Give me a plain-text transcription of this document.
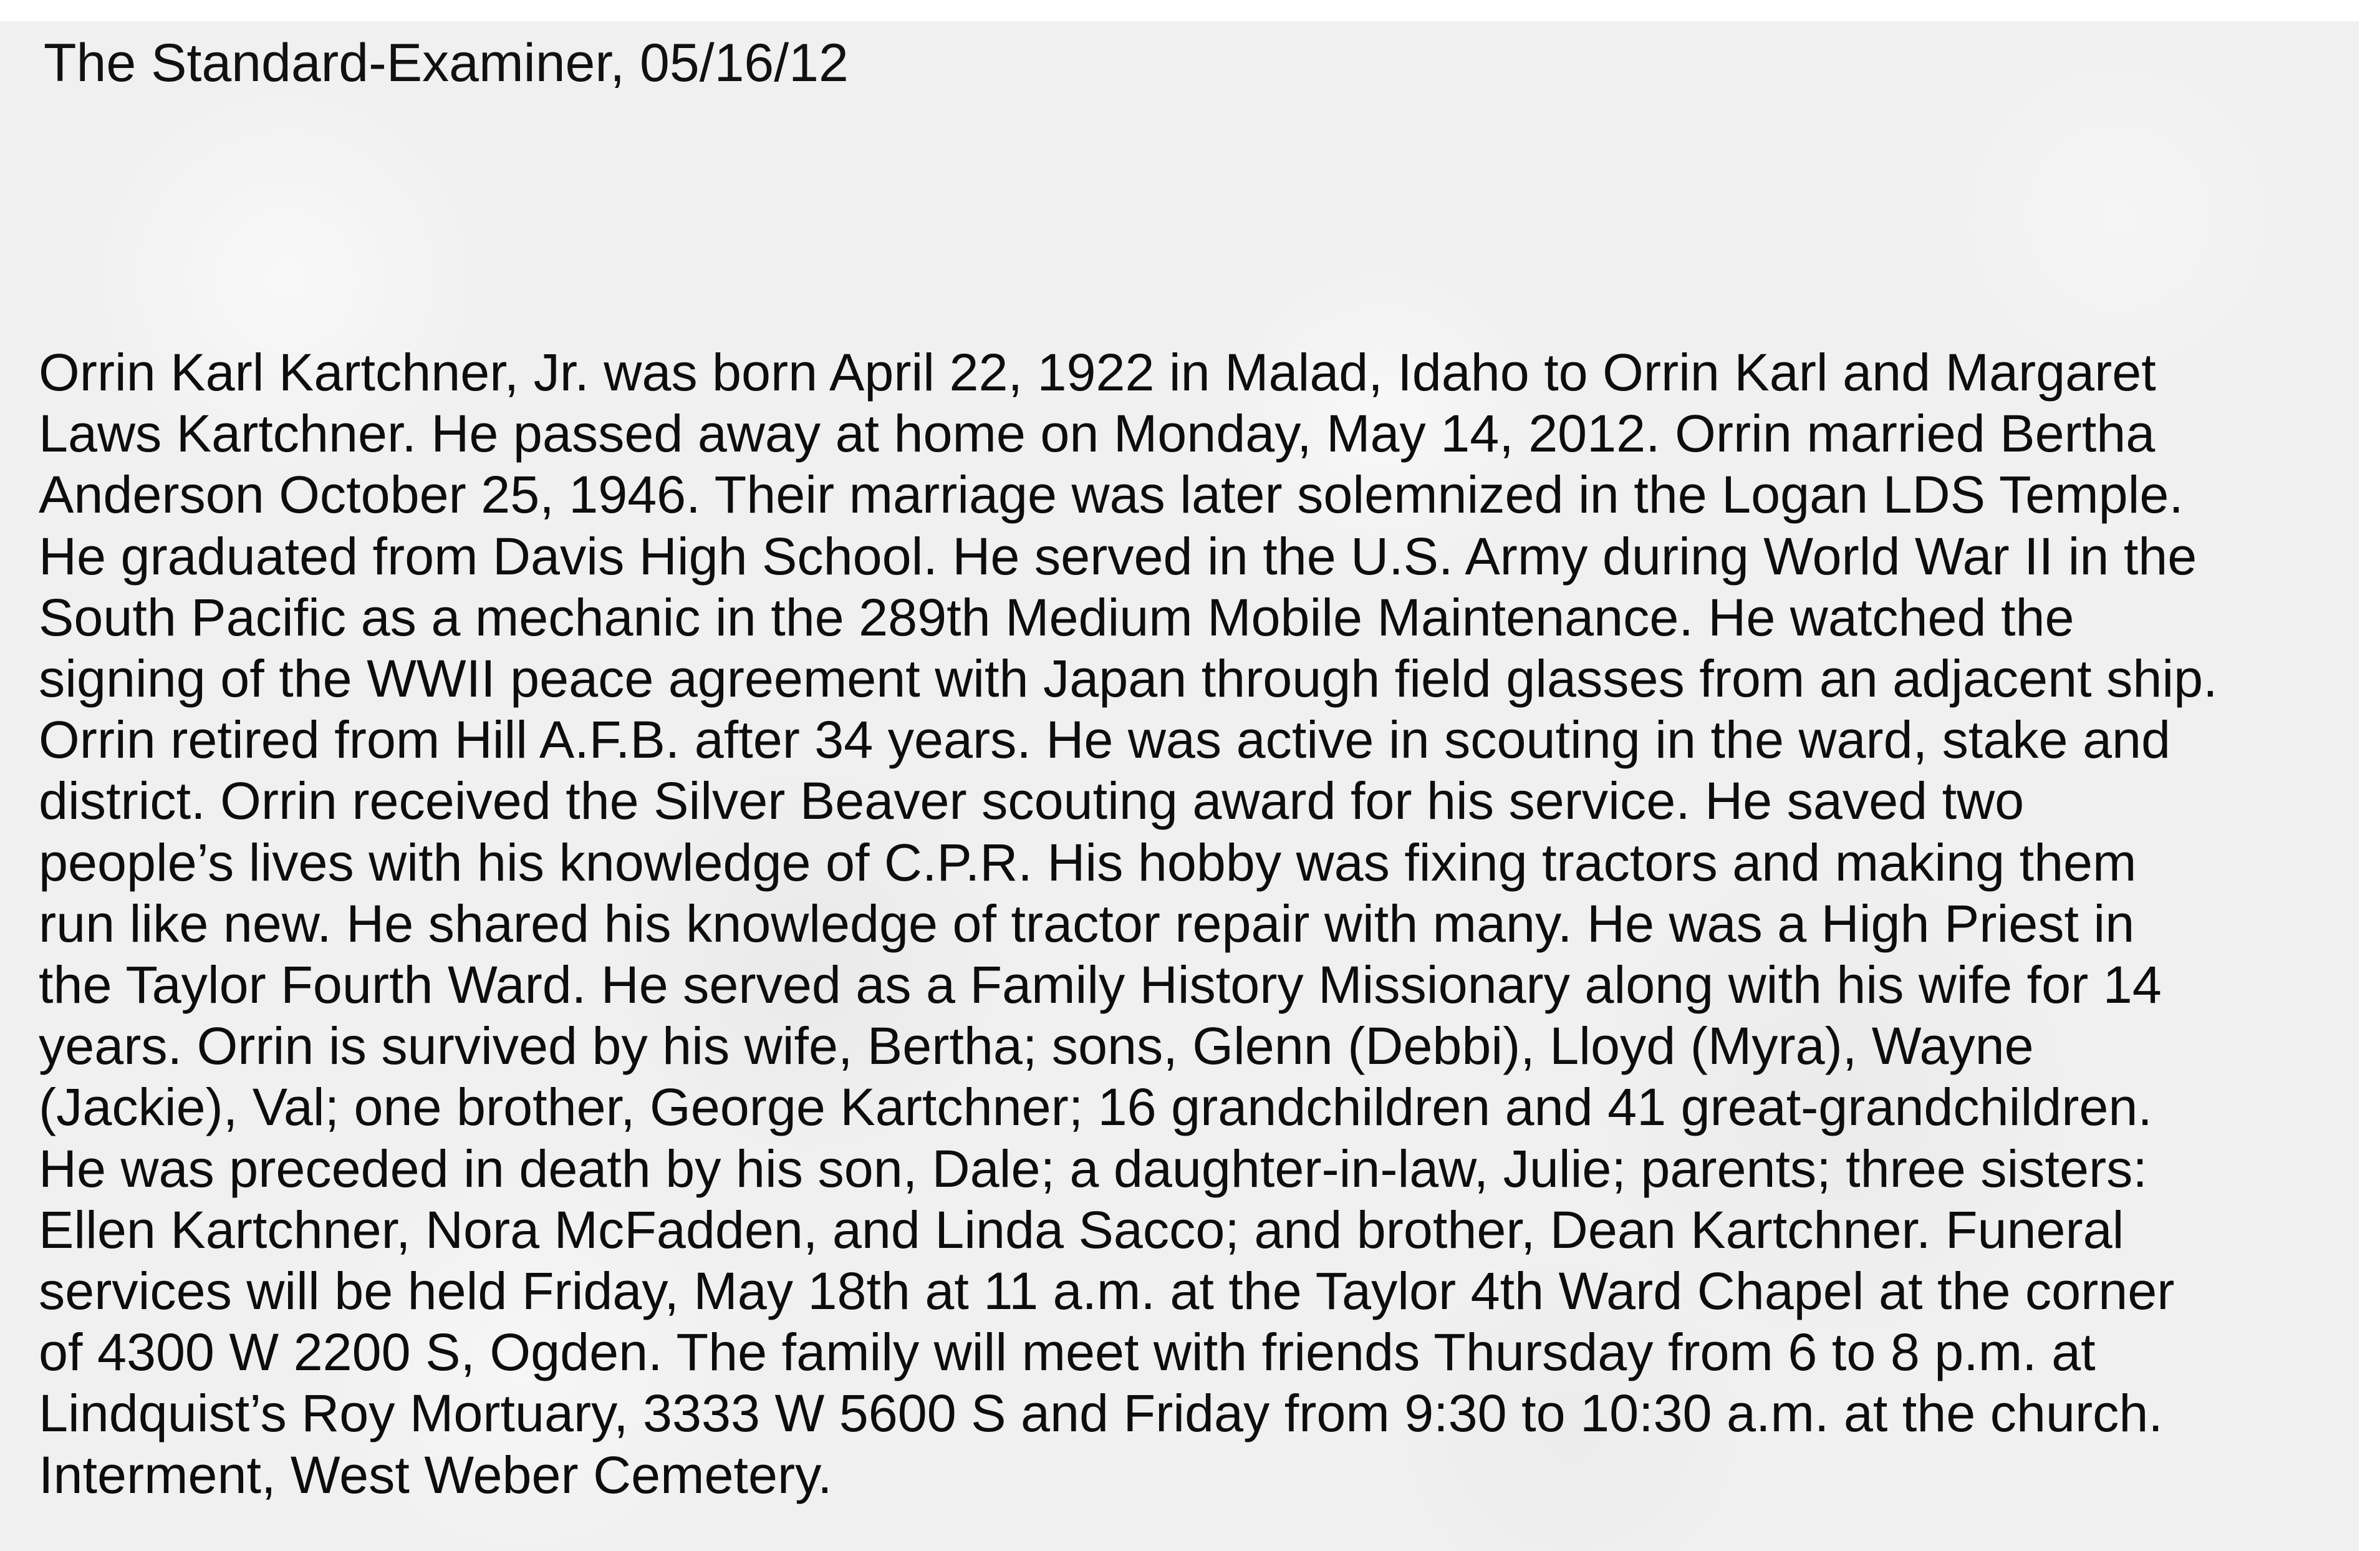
The Standard-Examiner, 05/16/12

Orrin Karl Kartchner, Jr. was born April 22, 1922 in Malad, Idaho to Orrin Karl and Margaret
Laws Kartchner. He passed away at home on Monday, May 14, 2012. Orrin married Bertha
Anderson October 25, 1946. Their marriage was later solemnized in the Logan LDS Temple.
He graduated from Davis High School. He served in the U.S. Army during World War II in the
South Pacific as a mechanic in the 289th Medium Mobile Maintenance. He watched the
signing of the WWII peace agreement with Japan through field glasses from an adjacent ship.
Orrin retired from Hill A.F.B. after 34 years. He was active in scouting in the ward, stake and
district. Orrin received the Silver Beaver scouting award for his service. He saved two
people’s lives with his knowledge of C.P.R. His hobby was fixing tractors and making them
run like new. He shared his knowledge of tractor repair with many. He was a High Priest in
the Taylor Fourth Ward. He served as a Family History Missionary along with his wife for 14
years. Orrin is survived by his wife, Bertha; sons, Glenn (Debbi), Lloyd (Myra), Wayne
(Jackie), Val; one brother, George Kartchner; 16 grandchildren and 41 great-grandchildren.
He was preceded in death by his son, Dale; a daughter-in-law, Julie; parents; three sisters:
Ellen Kartchner, Nora McFadden, and Linda Sacco; and brother, Dean Kartchner. Funeral
services will be held Friday, May 18th at 11 a.m. at the Taylor 4th Ward Chapel at the corner
of 4300 W 2200 S, Ogden. The family will meet with friends Thursday from 6 to 8 p.m. at
Lindquist’s Roy Mortuary, 3333 W 5600 S and Friday from 9:30 to 10:30 a.m. at the church.
Interment, West Weber Cemetery.
